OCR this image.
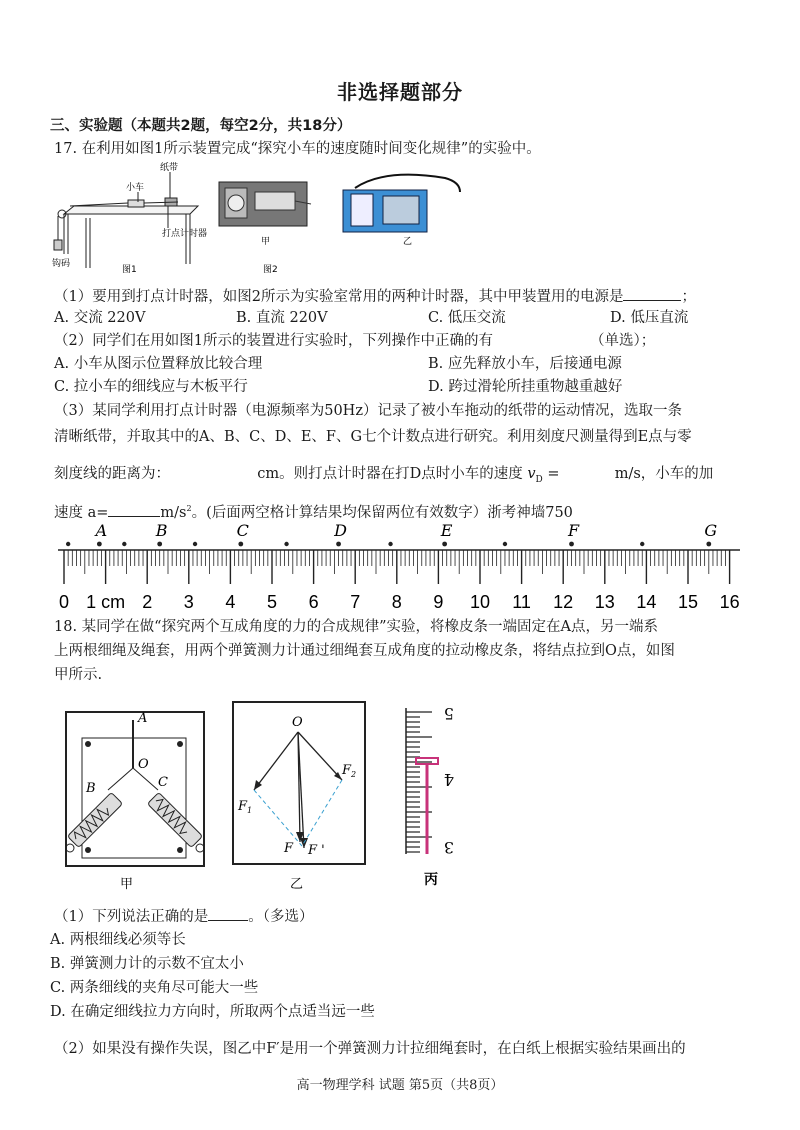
非选择题部分
三、实验题（本题共2题，每空2分，共18分）
17. 在利用如图1所示装置完成“探究小车的速度随时间变化规律”的实验中。
纸带
小车
打点计时器
钩码
图1
甲	乙
图2
（1）要用到打点计时器，如图2所示为实验室常用的两种计时器，其中甲装置用的电源是	；
A. 交流 220V	B. 直流 220V	C. 低压交流	D. 低压直流
（2）同学们在用如图1所示的装置进行实验时，下列操作中正确的有	（单选）；
A. 小车从图示位置释放比较合理	B. 应先释放小车，后接通电源
C. 拉小车的细线应与木板平行	D. 跨过滑轮所挂重物越重越好
（3）某同学利用打点计时器（电源频率为50Hz）记录了被小车拖动的纸带的运动情况，选取一条
清晰纸带，并取其中的A、B、C、D、E、F、G七个计数点进行研究。利用刻度尺测量得到E点与零
刻度线的距离为：	cm。则打点计时器在打D点时小车的速度 $v_D$ =	m/s，小车的加
速度 a=	$m/s^2$。(后面两空格计算结果均保留两位有效数字）浙考神墙750
0 1 cm 2 3 4 5 6 7 8 9 10 11 12 13 14 15 16
A	B	C	D	E	F	G
18. 某同学在做“探究两个互成角度的力的合成规律”实验，将橡皮条一端固定在A点，另一端系
上两根细绳及绳套，用两个弹簧测力计通过细绳套互成角度的拉动橡皮条，将结点拉到O点，如图
甲所示.
A
O
B	C
甲
O
$F_1$
$F_2$
F F '
乙
5
4
3
丙
（1）下列说法正确的是	。（多选）
A. 两根细线必须等长
B. 弹簧测力计的示数不宜太小
C. 两条细线的夹角尽可能大一些
D. 在确定细线拉力方向时，所取两个点适当远一些
（2）如果没有操作失误，图乙中F′是用一个弹簧测力计拉细绳套时，在白纸上根据实验结果画出的
高一物理学科 试题 第5页（共8页）
